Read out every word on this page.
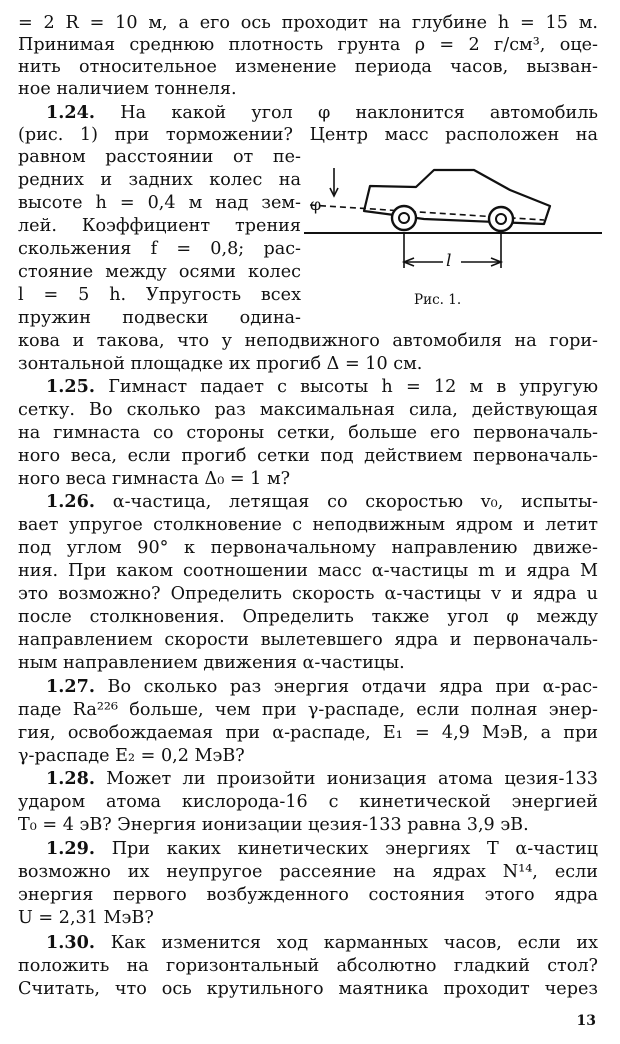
= 2 R = 10 м, а его ось проходит на глубине h = 15 м.
Принимая среднюю плотность грунта ρ = 2 г/см³, оце-
нить относительное изменение периода часов, вызван-
ное наличием тоннеля.
1.24. На какой угол φ наклонится автомобиль
(рис. 1) при торможении? Центр масс расположен на
равном расстоянии от пе-
редних и задних колес на
высоте h = 0,4 м над зем-
лей. Коэффициент трения
скольжения f = 0,8; рас-
стояние между осями колес
l = 5 h. Упругость всех
пружин подвески одина-
кова и такова, что у неподвижного автомобиля на гори-
зонтальной площадке их прогиб Δ = 10 см.
1.25. Гимнаст падает с высоты h = 12 м в упругую
сетку. Во сколько раз максимальная сила, действующая
на гимнаста со стороны сетки, больше его первоначаль-
ного веса, если прогиб сетки под действием первоначаль-
ного веса гимнаста Δ₀ = 1 м?
1.26. α-частица, летящая со скоростью v₀, испыты-
вает упругое столкновение с неподвижным ядром и летит
под углом 90° к первоначальному направлению движе-
ния. При каком соотношении масс α-частицы m и ядра M
это возможно? Определить скорость α-частицы v и ядра u
после столкновения. Определить также угол φ между
направлением скорости вылетевшего ядра и первоначаль-
ным направлением движения α-частицы.
1.27. Во сколько раз энергия отдачи ядра при α-рас-
паде Ra²²⁶ больше, чем при γ-распаде, если полная энер-
гия, освобождаемая при α-распаде, E₁ = 4,9 МэВ, а при
γ-распаде E₂ = 0,2 МэВ?
1.28. Может ли произойти ионизация атома цезия-133
ударом атома кислорода-16 с кинетической энергией
T₀ = 4 эВ? Энергия ионизации цезия-133 равна 3,9 эВ.
1.29. При каких кинетических энергиях T α-частиц
возможно их неупругое рассеяние на ядрах N¹⁴, если
энергия первого возбужденного состояния этого ядра
U = 2,31 МэВ?
1.30. Как изменится ход карманных часов, если их
положить на горизонтальный абсолютно гладкий стол?
Считать, что ось крутильного маятника проходит через
φ
l
Рис. 1.
13
